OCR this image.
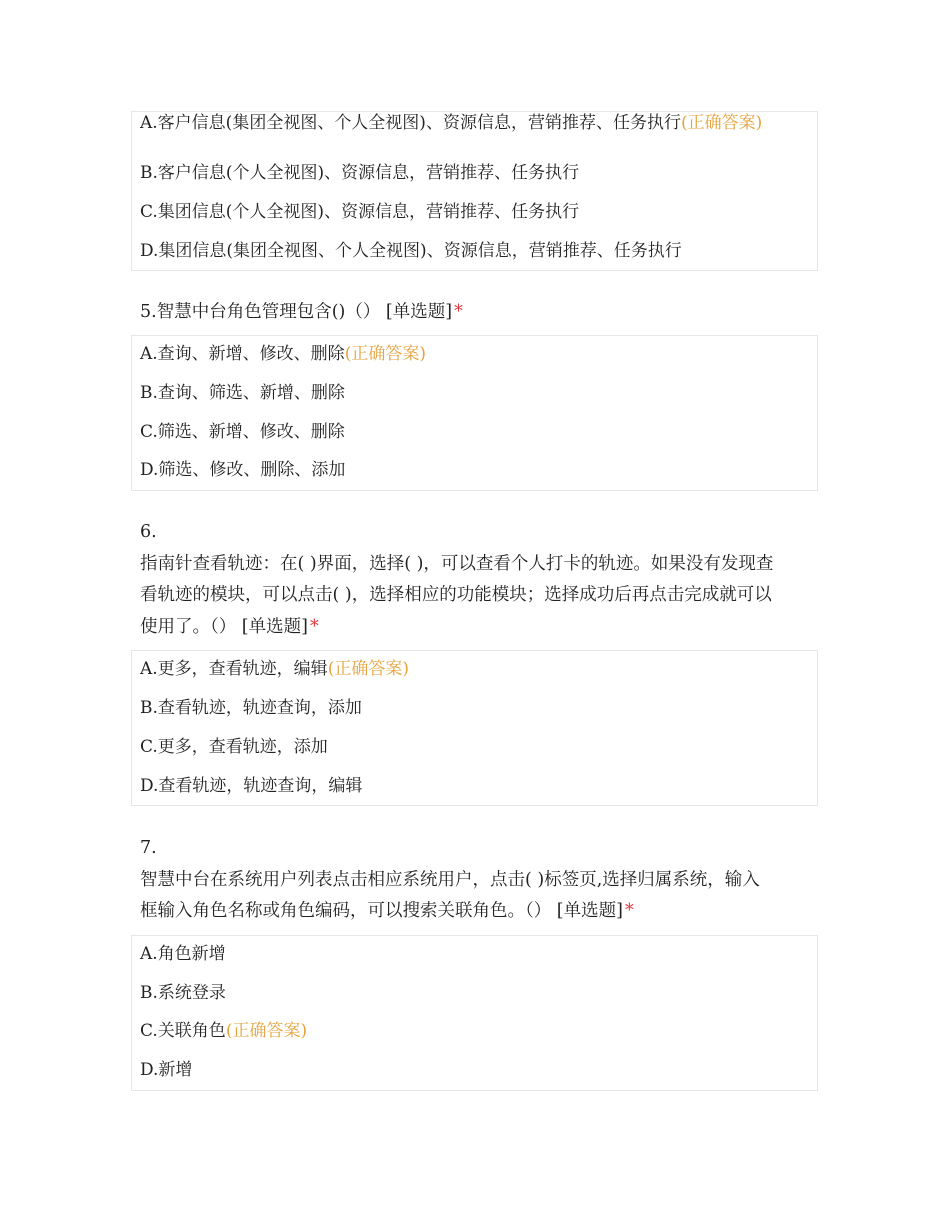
A.客户信息(集团全视图、个人全视图)、资源信息，营销推荐、任务执行(正确答案)
B.客户信息(个人全视图)、资源信息，营销推荐、任务执行
C.集团信息(个人全视图)、资源信息，营销推荐、任务执行
D.集团信息(集团全视图、个人全视图)、资源信息，营销推荐、任务执行
5.智慧中台角色管理包含()（） [单选题] *
A.查询、新增、修改、删除(正确答案)
B.查询、筛选、新增、删除
C.筛选、新增、修改、删除
D.筛选、修改、删除、添加
6.
指南针查看轨迹：在( )界面，选择( )，可以查看个人打卡的轨迹。如果没有发现查
看轨迹的模块，可以点击( )，选择相应的功能模块；选择成功后再点击完成就可以
使用了。（） [单选题] *
A.更多，查看轨迹，编辑(正确答案)
B.查看轨迹，轨迹查询，添加
C.更多，查看轨迹，添加
D.查看轨迹，轨迹查询，编辑
7.
智慧中台在系统用户列表点击相应系统用户，点击( )标签页,选择归属系统，输入
框输入角色名称或角色编码，可以搜索关联角色。（） [单选题] *
A.角色新增
B.系统登录
C.关联角色(正确答案)
D.新增
